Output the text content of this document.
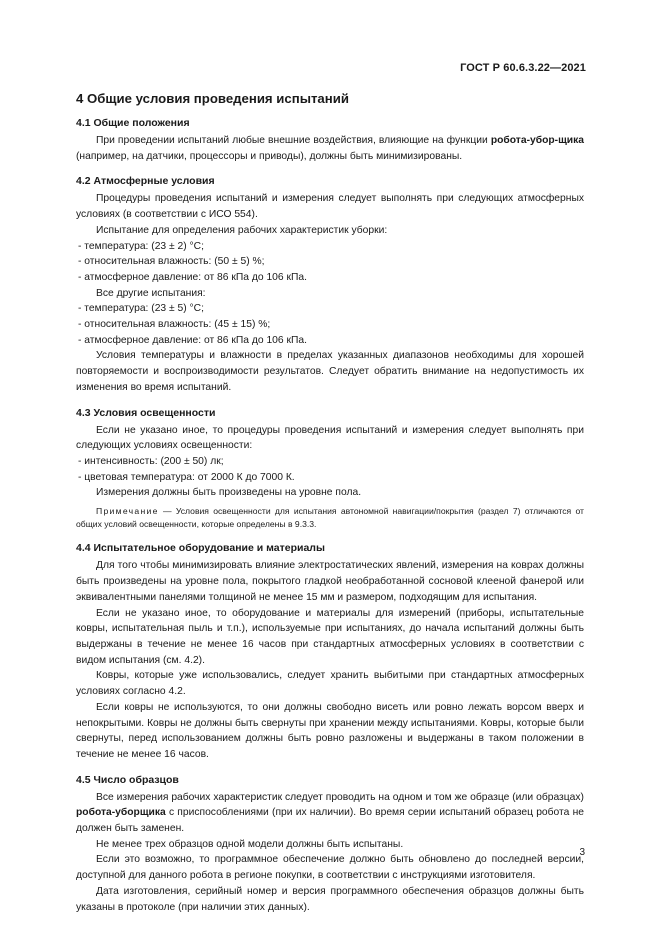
ГОСТ Р 60.6.3.22—2021
4 Общие условия проведения испытаний
4.1 Общие положения

При проведении испытаний любые внешние воздействия, влияющие на функции робота-убор-щика (например, на датчики, процессоры и приводы), должны быть минимизированы.

4.2 Атмосферные условия

Процедуры проведения испытаний и измерения следует выполнять при следующих атмосферных условиях (в соответствии с ИСО 554).

Испытание для определения рабочих характеристик уборки:

- температура: (23 ± 2) °С;

- относительная влажность: (50 ± 5) %;

- атмосферное давление: от 86 кПа до 106 кПа.

Все другие испытания:

- температура: (23 ± 5) °С;

- относительная влажность: (45 ± 15) %;

- атмосферное давление: от 86 кПа до 106 кПа.

Условия температуры и влажности в пределах указанных диапазонов необходимы для хорошей повторяемости и воспроизводимости результатов. Следует обратить внимание на недопустимость их изменения во время испытаний.

4.3 Условия освещенности

Если не указано иное, то процедуры проведения испытаний и измерения следует выполнять при следующих условиях освещенности:

- интенсивность: (200 ± 50) лк;

- цветовая температура: от 2000 К до 7000 К.

Измерения должны быть произведены на уровне пола.

Примечание — Условия освещенности для испытания автономной навигации/покрытия (раздел 7) отличаются от общих условий освещенности, которые определены в 9.3.3.

4.4 Испытательное оборудование и материалы

Для того чтобы минимизировать влияние электростатических явлений, измерения на коврах должны быть произведены на уровне пола, покрытого гладкой необработанной сосновой клееной фанерой или эквивалентными панелями толщиной не менее 15 мм и размером, подходящим для испытания.

Если не указано иное, то оборудование и материалы для измерений (приборы, испытательные ковры, испытательная пыль и т.п.), используемые при испытаниях, до начала испытаний должны быть выдержаны в течение не менее 16 часов при стандартных атмосферных условиях в соответствии с видом испытания (см. 4.2).

Ковры, которые уже использовались, следует хранить выбитыми при стандартных атмосферных условиях согласно 4.2.

Если ковры не используются, то они должны свободно висеть или ровно лежать ворсом вверх и непокрытыми. Ковры не должны быть свернуты при хранении между испытаниями. Ковры, которые были свернуты, перед использованием должны быть ровно разложены и выдержаны в таком положении в течение не менее 16 часов.

4.5 Число образцов

Все измерения рабочих характеристик следует проводить на одном и том же образце (или образцах) робота-уборщика с приспособлениями (при их наличии). Во время серии испытаний образец робота не должен быть заменен.

Не менее трех образцов одной модели должны быть испытаны.

Если это возможно, то программное обеспечение должно быть обновлено до последней версии, доступной для данного робота в регионе покупки, в соответствии с инструкциями изготовителя.

Дата изготовления, серийный номер и версия программного обеспечения образцов должны быть указаны в протоколе (при наличии этих данных).

3
